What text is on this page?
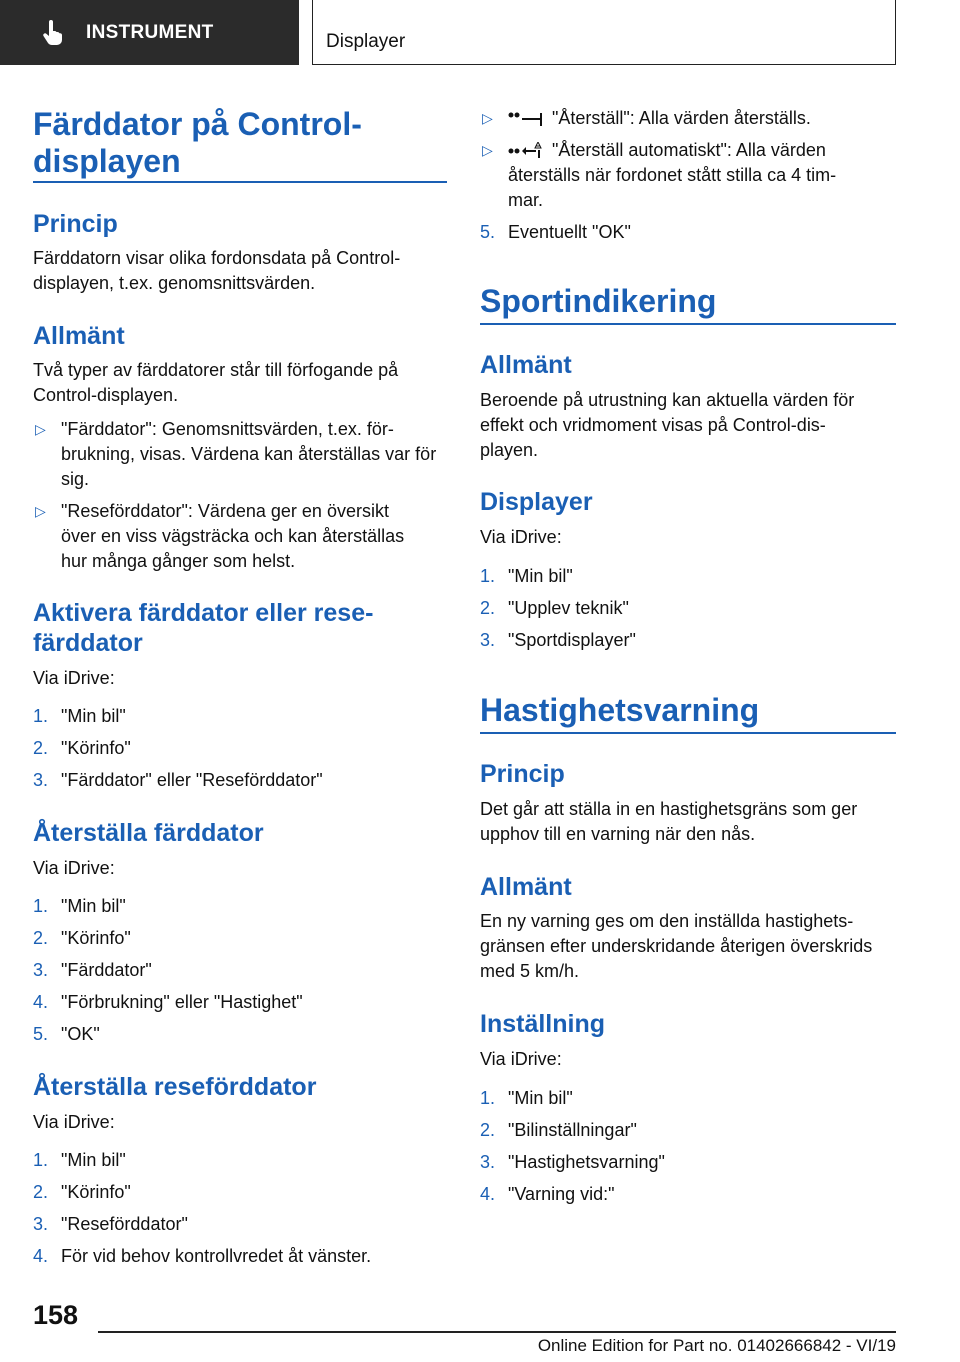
INSTRUMENT	Displayer
Färddator på Control-
displayen
Princip
Färddatorn visar olika fordonsdata på Control-
displayen, t.ex. genomsnittsvärden.
Allmänt
Två typer av färddatorer står till förfogande på
Control-displayen.
▷ "Färddator": Genomsnittsvärden, t.ex. för-
brukning, visas. Värdena kan återställas var för
sig.
▷ "Reseförddator": Värdena ger en översikt
över en viss vägsträcka och kan återställas
hur många gånger som helst.
Aktivera färddator eller rese-
färddator
Via iDrive:
1. "Min bil"
2. "Körinfo"
3. "Färddator" eller "Reseförddator"
Återställa färddator
Via iDrive:
1. "Min bil"
2. "Körinfo"
3. "Färddator"
4. "Förbrukning" eller "Hastighet"
5. "OK"
Återställa reseförddator
Via iDrive:
1. "Min bil"
2. "Körinfo"
3. "Reseförddator"
4. För vid behov kontrollvredet åt vänster.
▷	"Återställ": Alla värden återställs.
▷	"Återställ automatiskt": Alla värden
återställs när fordonet stått stilla ca 4 tim-
mar.
5. Eventuellt "OK"
Sportindikering
Allmänt
Beroende på utrustning kan aktuella värden för
effekt och vridmoment visas på Control-dis-
playen.
Displayer
Via iDrive:
1. "Min bil"
2. "Upplev teknik"
3. "Sportdisplayer"
Hastighetsvarning
Princip
Det går att ställa in en hastighetsgräns som ger
upphov till en varning när den nås.
Allmänt
En ny varning ges om den inställda hastighets-
gränsen efter underskridande återigen överskrids
med 5 km/h.
Inställning
Via iDrive:
1. "Min bil"
2. "Bilinställningar"
3. "Hastighetsvarning"
4. "Varning vid:"
158
Online Edition for Part no. 01402666842 - VI/19
